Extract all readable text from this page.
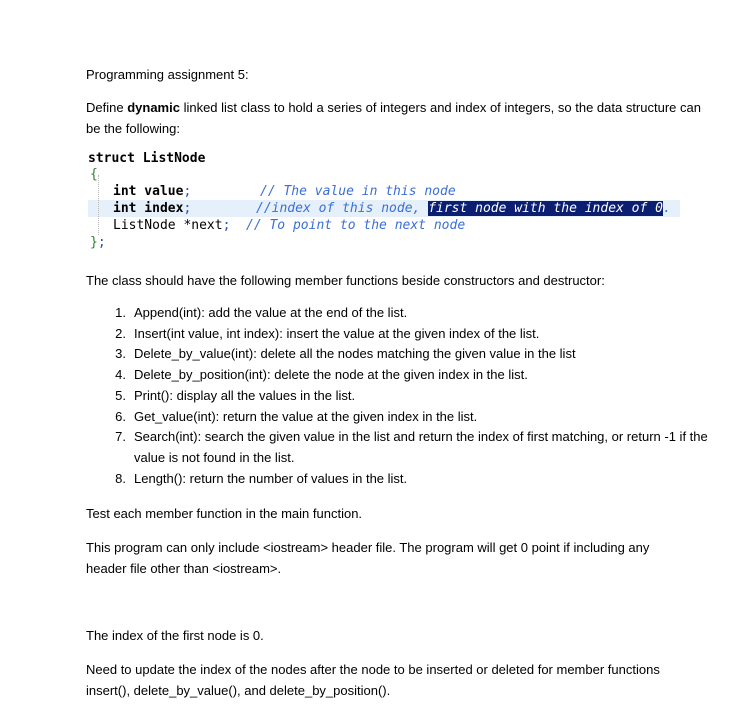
Programming assignment 5:
Define dynamic linked list class to hold a series of integers and index of integers, so the data structure can be the following:
struct ListNode
{
int value;	// The value in this node
int index;	//index of this node, first node with the index of 0.
ListNode *next; // To point to the next node
};
The class should have the following member functions beside constructors and destructor:
1. Append(int): add the value at the end of the list.
2. Insert(int value, int index): insert the value at the given index of the list.
3. Delete_by_value(int): delete all the nodes matching the given value in the list
4. Delete_by_position(int): delete the node at the given index in the list.
5. Print(): display all the values in the list.
6. Get_value(int): return the value at the given index in the list.
7. Search(int): search the given value in the list and return the index of first matching, or return -1 if the value is not found in the list.
8. Length(): return the number of values in the list.
Test each member function in the main function.
This program can only include <iostream> header file. The program will get 0 point if including any header file other than <iostream>.
The index of the first node is 0.
Need to update the index of the nodes after the node to be inserted or deleted for member functions insert(), delete_by_value(), and delete_by_position().
